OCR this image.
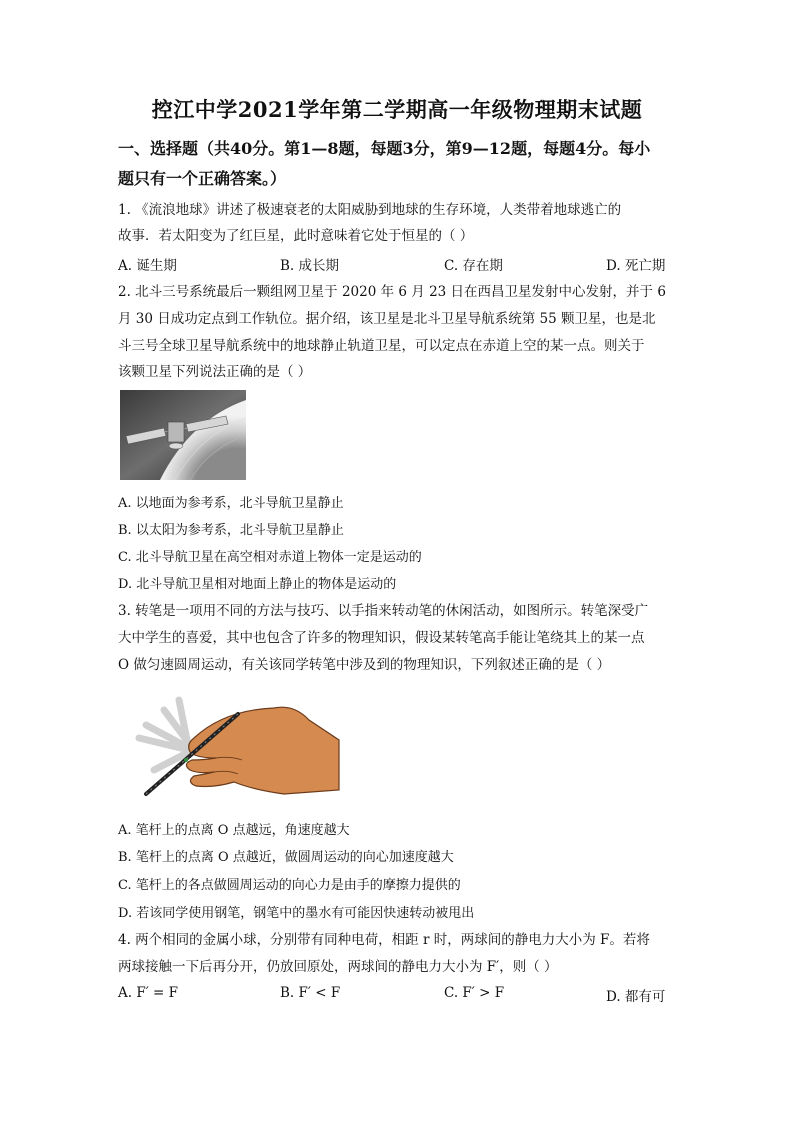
控江中学2021学年第二学期高一年级物理期末试题
一、选择题（共40分。第1—8题，每题3分，第9—12题，每题4分。每小
题只有一个正确答案。）
1. 《流浪地球》讲述了极速衰老的太阳威胁到地球的生存环境，人类带着地球逃亡的
故事．若太阳变为了红巨星，此时意味着它处于恒星的（ ）
A. 诞生期	B. 成长期	C. 存在期	D. 死亡期
2. 北斗三号系统最后一颗组网卫星于 2020 年 6 月 23 日在西昌卫星发射中心发射，并于 6
月 30 日成功定点到工作轨位。据介绍，该卫星是北斗卫星导航系统第 55 颗卫星，也是北
斗三号全球卫星导航系统中的地球静止轨道卫星，可以定点在赤道上空的某一点。则关于
该颗卫星下列说法正确的是（ ）
A. 以地面为参考系，北斗导航卫星静止
B. 以太阳为参考系，北斗导航卫星静止
C. 北斗导航卫星在高空相对赤道上物体一定是运动的
D. 北斗导航卫星相对地面上静止的物体是运动的
3. 转笔是一项用不同的方法与技巧、以手指来转动笔的休闲活动，如图所示。转笔深受广
大中学生的喜爱，其中也包含了许多的物理知识，假设某转笔高手能让笔绕其上的某一点
O 做匀速圆周运动，有关该同学转笔中涉及到的物理知识，下列叙述正确的是（ ）
A. 笔杆上的点离 O 点越远，角速度越大
B. 笔杆上的点离 O 点越近，做圆周运动的向心加速度越大
C. 笔杆上的各点做圆周运动的向心力是由手的摩擦力提供的
D. 若该同学使用钢笔，钢笔中的墨水有可能因快速转动被甩出
4. 两个相同的金属小球，分别带有同种电荷，相距 r 时，两球间的静电力大小为 F。若将
两球接触一下后再分开，仍放回原处，两球间的静电力大小为 F′，则（ ）
A. F′ = F	B. F′ < F	C. F′ > F	D. 都有可
